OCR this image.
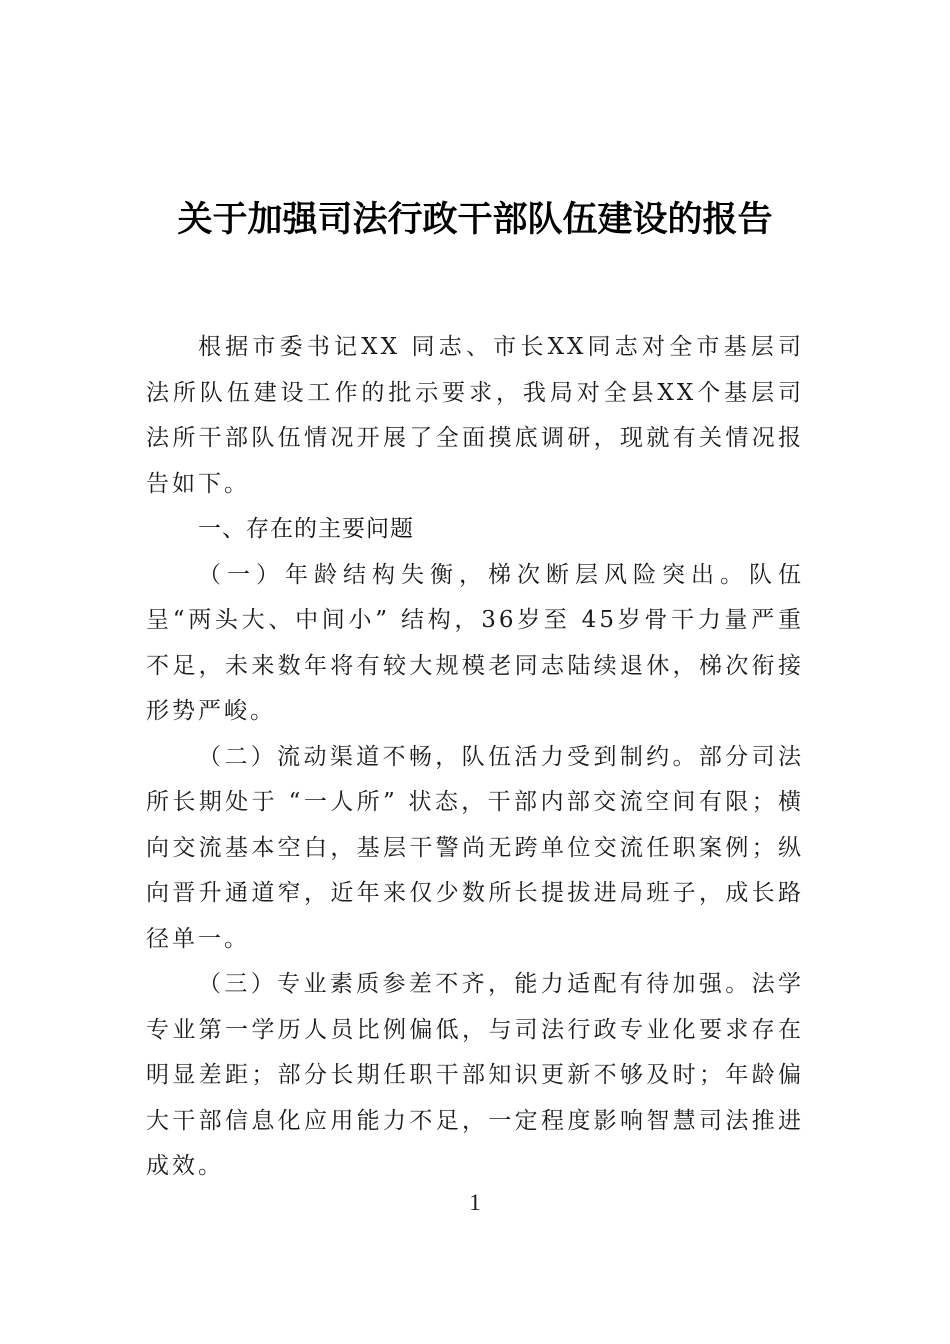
关于加强司法行政干部队伍建设的报告

根据市委书记XX 同志、市长XX同志对全市基层司法所队伍建设工作的批示要求，我局对全县XX个基层司法所干部队伍情况开展了全面摸底调研，现就有关情况报告如下。

一、存在的主要问题

（一）年龄结构失衡，梯次断层风险突出。队伍呈“两头大、中间小” 结构，36岁至 45岁骨干力量严重不足，未来数年将有较大规模老同志陆续退休，梯次衔接形势严峻。

（二）流动渠道不畅，队伍活力受到制约。部分司法所长期处于 “一人所” 状态，干部内部交流空间有限；横向交流基本空白，基层干警尚无跨单位交流任职案例；纵向晋升通道窄，近年来仅少数所长提拔进局班子，成长路径单一。

（三）专业素质参差不齐，能力适配有待加强。法学专业第一学历人员比例偏低，与司法行政专业化要求存在明显差距；部分长期任职干部知识更新不够及时；年龄偏大干部信息化应用能力不足，一定程度影响智慧司法推进成效。

1
